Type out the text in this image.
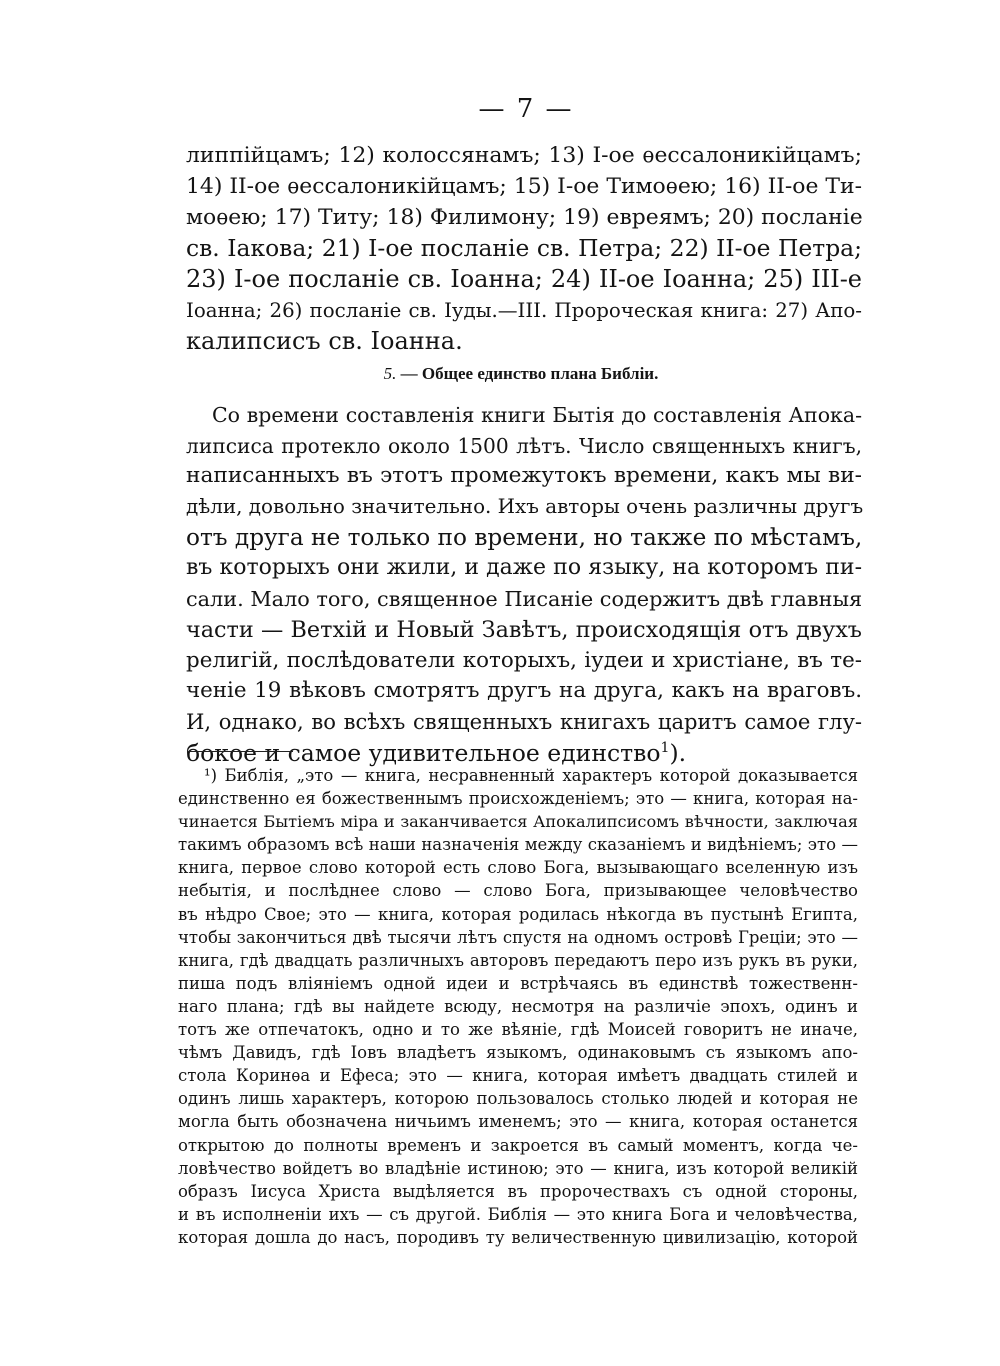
— 7 —
липпійцамъ; 12) колоссянамъ; 13) I-ое ѳессалоникійцамъ;
14) II-ое ѳессалоникійцамъ; 15) I-ое Тимоѳею; 16) II-ое Ти-
моѳею; 17) Титу; 18) Филимону; 19) евреямъ; 20) посланіе
св. Іакова; 21) I-ое посланіе св. Петра; 22) II-ое Петра;
23) I-ое посланіе св. Іоанна; 24) II-ое Іоанна; 25) III-е
Іоанна; 26) посланіе св. Іуды.—III. Пророческая книга: 27) Апо-
калипсисъ св. Іоанна.
5. — Общее единство плана Библіи.
Со времени составленія книги Бытія до составленія Апока-
липсиса протекло около 1500 лѣтъ. Число священныхъ книгъ,
написанныхъ въ этотъ промежутокъ времени, какъ мы ви-
дѣли, довольно значительно. Ихъ авторы очень различны другъ
отъ друга не только по времени, но также по мѣстамъ,
въ которыхъ они жили, и даже по языку, на которомъ пи-
сали. Мало того, священное Писаніе содержитъ двѣ главныя
части — Ветхій и Новый Завѣтъ, происходящія отъ двухъ
религій, послѣдователи которыхъ, іудеи и христіане, въ те-
ченіе 19 вѣковъ смотрятъ другъ на друга, какъ на враговъ.
И, однако, во всѣхъ священныхъ книгахъ царитъ самое глу-
бокое и самое удивительное единство$^1$).
¹) Библія, „это — книга, несравненный характеръ которой доказывается
единственно ея божественнымъ происхожденіемъ; это — книга, которая на-
чинается Бытіемъ міра и заканчивается Апокалипсисомъ вѣчности, заключая
такимъ образомъ всѣ наши назначенія между сказаніемъ и видѣніемъ; это —
книга, первое слово которой есть слово Бога, вызывающаго вселенную изъ
небытія, и послѣднее слово — слово Бога, призывающее человѣчество
въ нѣдро Свое; это — книга, которая родилась нѣкогда въ пустынѣ Египта,
чтобы закончиться двѣ тысячи лѣтъ спустя на одномъ островѣ Греціи; это —
книга, гдѣ двадцать различныхъ авторовъ передаютъ перо изъ рукъ въ руки,
пиша подъ вліяніемъ одной идеи и встрѣчаясь въ единствѣ тожественн-
наго плана; гдѣ вы найдете всюду, несмотря на различіе эпохъ, одинъ и
тотъ же отпечатокъ, одно и то же вѣяніе, гдѣ Моисей говоритъ не иначе,
чѣмъ Давидъ, гдѣ Іовъ владѣетъ языкомъ, одинаковымъ съ языкомъ апо-
стола Коринѳа и Ефеса; это — книга, которая имѣетъ двадцать стилей и
одинъ лишь характеръ, которою пользовалось столько людей и которая не
могла быть обозначена ничьимъ именемъ; это — книга, которая останется
открытою до полноты временъ и закроется въ самый моментъ, когда че-
ловѣчество войдетъ во владѣніе истиною; это — книга, изъ которой великій
образъ Іисуса Христа выдѣляется въ пророчествахъ съ одной стороны,
и въ исполненіи ихъ — съ другой. Библія — это книга Бога и человѣчества,
которая дошла до насъ, породивъ ту величественную цивилизацію, которой
